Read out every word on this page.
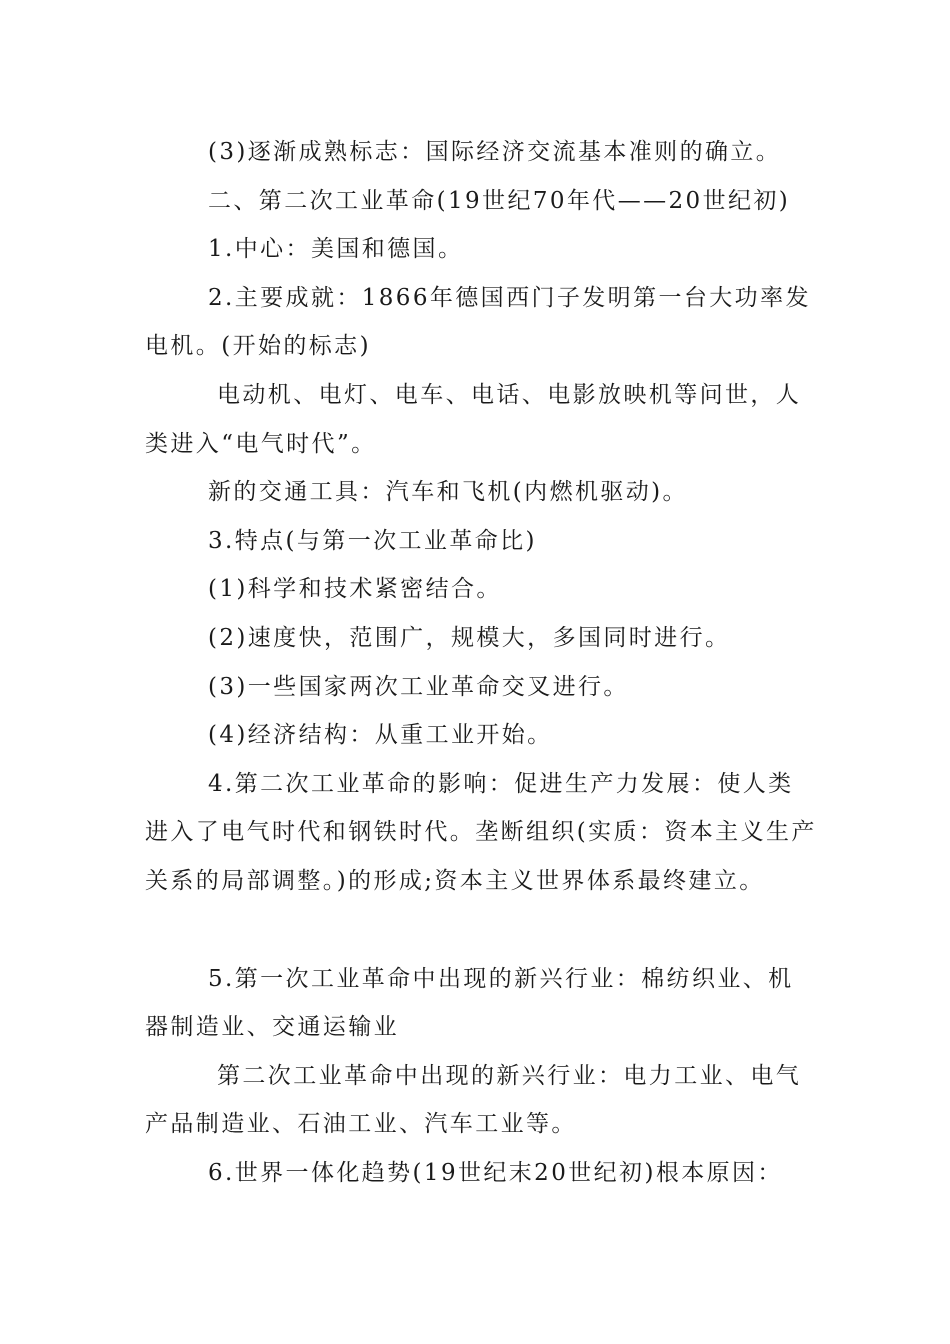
(3)逐渐成熟标志：国际经济交流基本准则的确立。

二、第二次工业革命(19世纪70年代——20世纪初)

1.中心：美国和德国。

2.主要成就：1866年德国西门子发明第一台大功率发电机。(开始的标志)

电动机、电灯、电车、电话、电影放映机等问世，人类进入“电气时代”。

新的交通工具：汽车和飞机(内燃机驱动)。

3.特点(与第一次工业革命比)

(1)科学和技术紧密结合。

(2)速度快，范围广，规模大，多国同时进行。

(3)一些国家两次工业革命交叉进行。

(4)经济结构：从重工业开始。

4.第二次工业革命的影响：促进生产力发展：使人类进入了电气时代和钢铁时代。垄断组织(实质：资本主义生产关系的局部调整。)的形成;资本主义世界体系最终建立。

5.第一次工业革命中出现的新兴行业：棉纺织业、机器制造业、交通运输业

第二次工业革命中出现的新兴行业：电力工业、电气产品制造业、石油工业、汽车工业等。

6.世界一体化趋势(19世纪末20世纪初)根本原因：
